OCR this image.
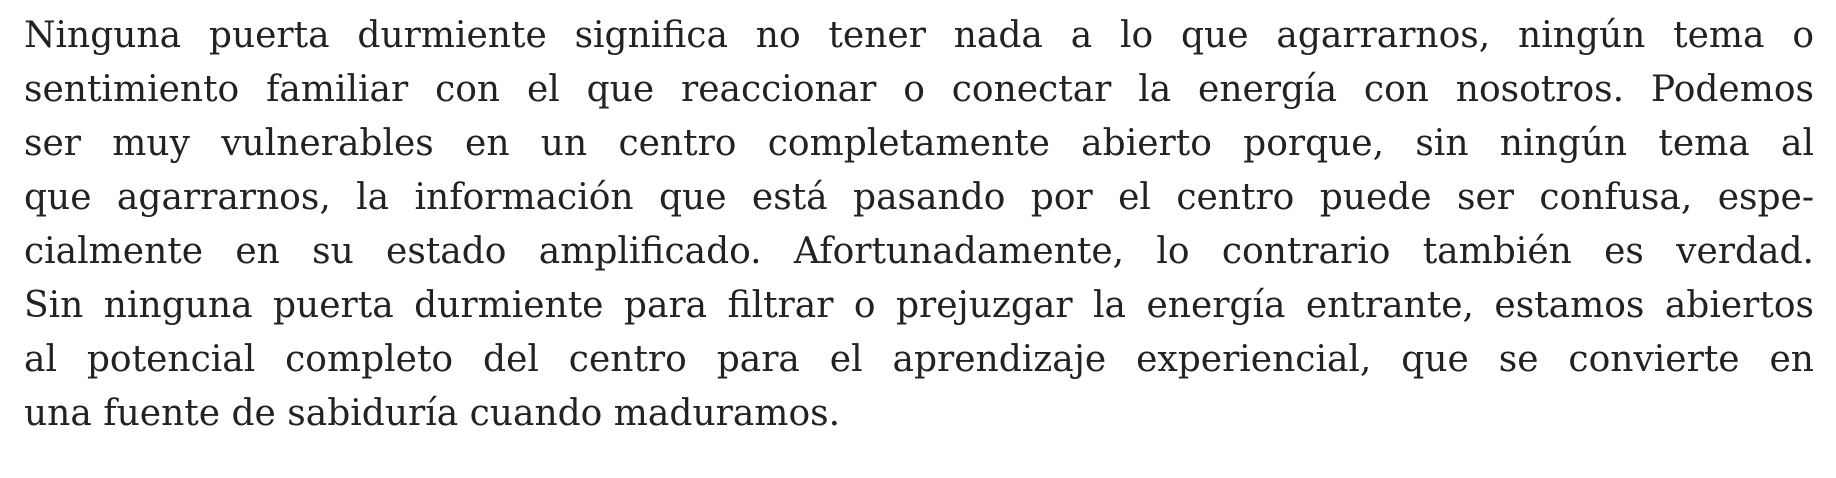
Ninguna puerta durmiente significa no tener nada a lo que agarrarnos, ningún tema o
sentimiento familiar con el que reaccionar o conectar la energía con nosotros. Podemos
ser muy vulnerables en un centro completamente abierto porque, sin ningún tema al
que agarrarnos, la información que está pasando por el centro puede ser confusa, espe-
cialmente en su estado amplificado. Afortunadamente, lo contrario también es verdad.
Sin ninguna puerta durmiente para filtrar o prejuzgar la energía entrante, estamos abiertos
al potencial completo del centro para el aprendizaje experiencial, que se convierte en
una fuente de sabiduría cuando maduramos.
